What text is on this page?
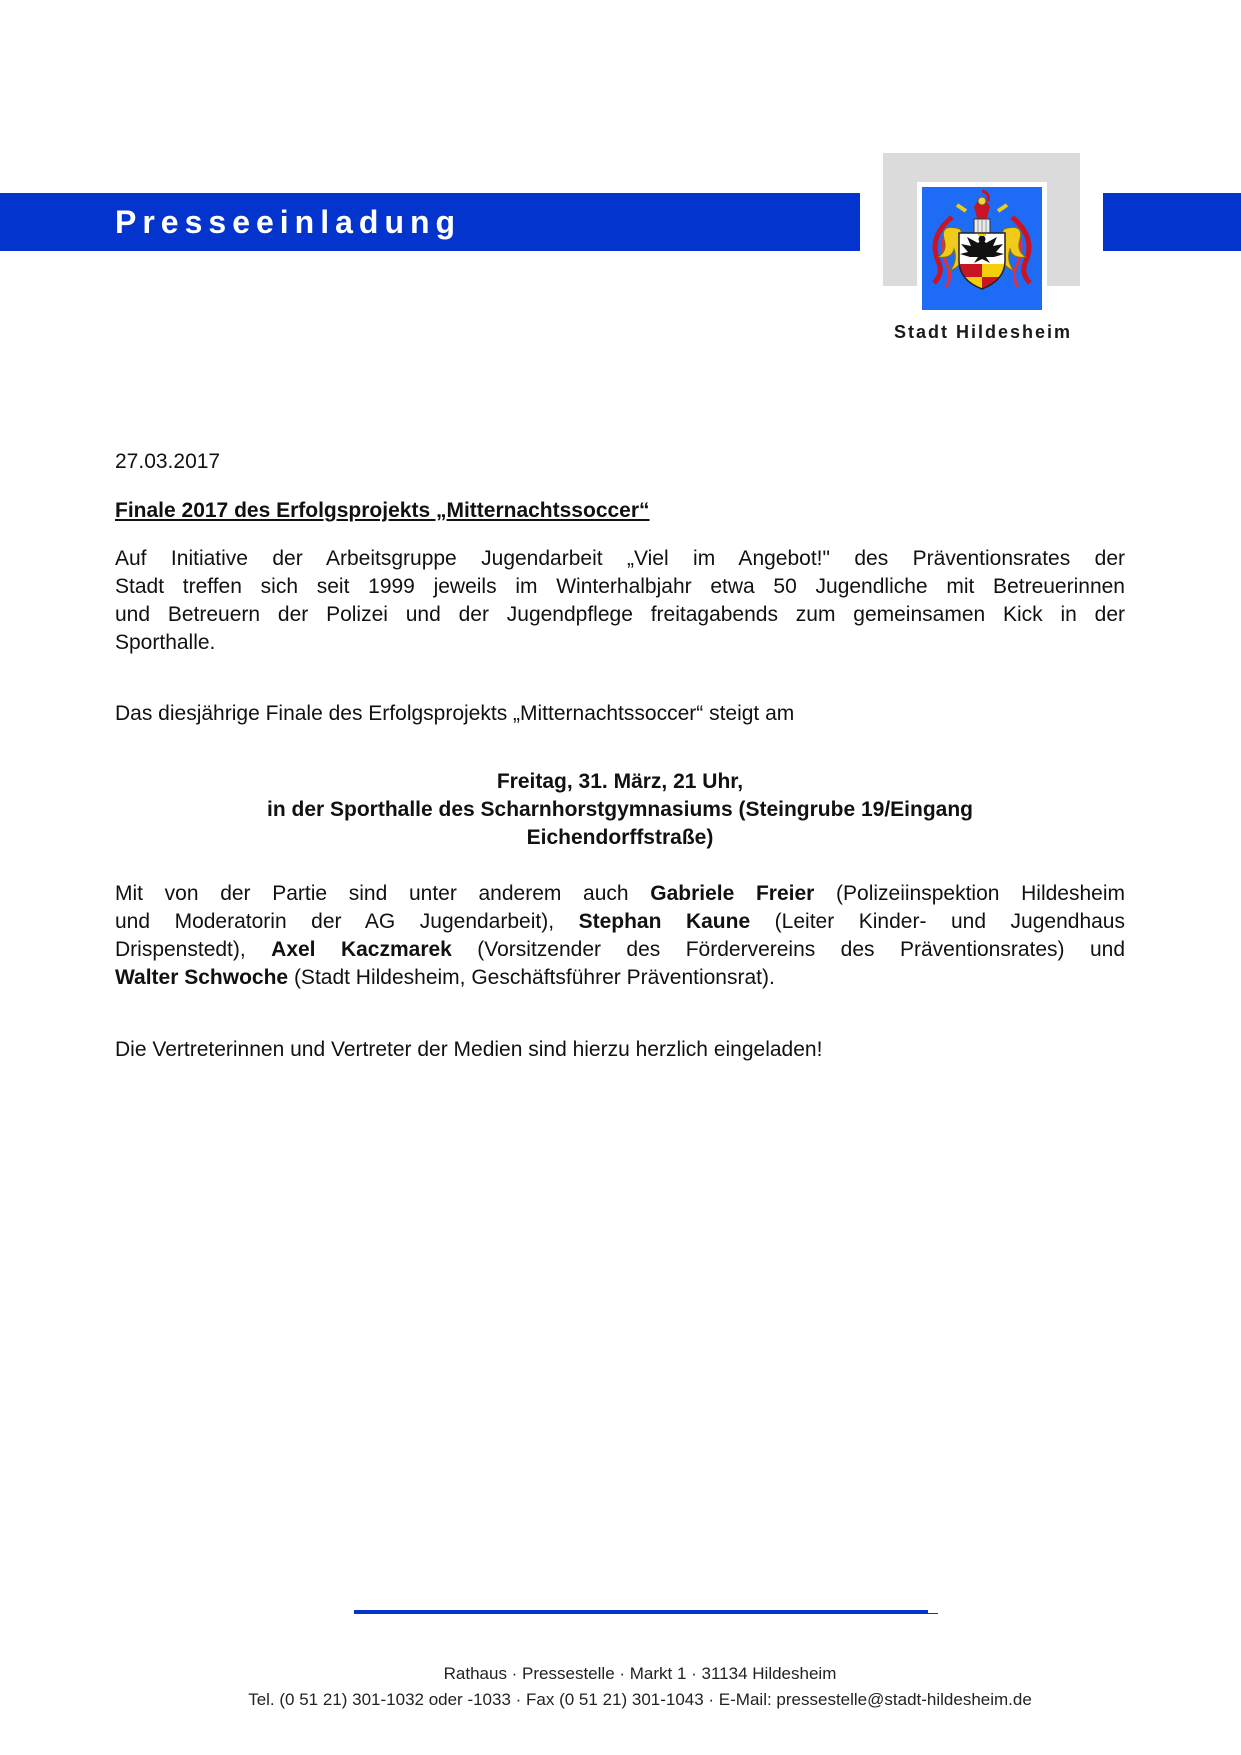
Presseeinladung
Stadt Hildesheim
27.03.2017
Finale 2017 des Erfolgsprojekts „Mitternachtssoccer“
Auf Initiative der Arbeitsgruppe Jugendarbeit „Viel im Angebot!" des Präventionsrates der
Stadt treffen sich seit 1999 jeweils im Winterhalbjahr etwa 50 Jugendliche mit Betreuerinnen
und Betreuern der Polizei und der Jugendpflege freitagabends zum gemeinsamen Kick in der
Sporthalle.
Das diesjährige Finale des Erfolgsprojekts „Mitternachtssoccer“ steigt am
Freitag, 31. März, 21 Uhr,
in der Sporthalle des Scharnhorstgymnasiums (Steingrube 19/Eingang
Eichendorffstraße)
Mit von der Partie sind unter anderem auch Gabriele Freier (Polizeiinspektion Hildesheim
und Moderatorin der AG Jugendarbeit), Stephan Kaune (Leiter Kinder- und Jugendhaus
Drispenstedt), Axel Kaczmarek (Vorsitzender des Fördervereins des Präventionsrates) und
Walter Schwoche (Stadt Hildesheim, Geschäftsführer Präventionsrat).
Die Vertreterinnen und Vertreter der Medien sind hierzu herzlich eingeladen!
Rathaus · Pressestelle · Markt 1 · 31134 Hildesheim
Tel. (0 51 21) 301-1032 oder -1033 · Fax (0 51 21) 301-1043 · E-Mail: pressestelle@stadt-hildesheim.de
